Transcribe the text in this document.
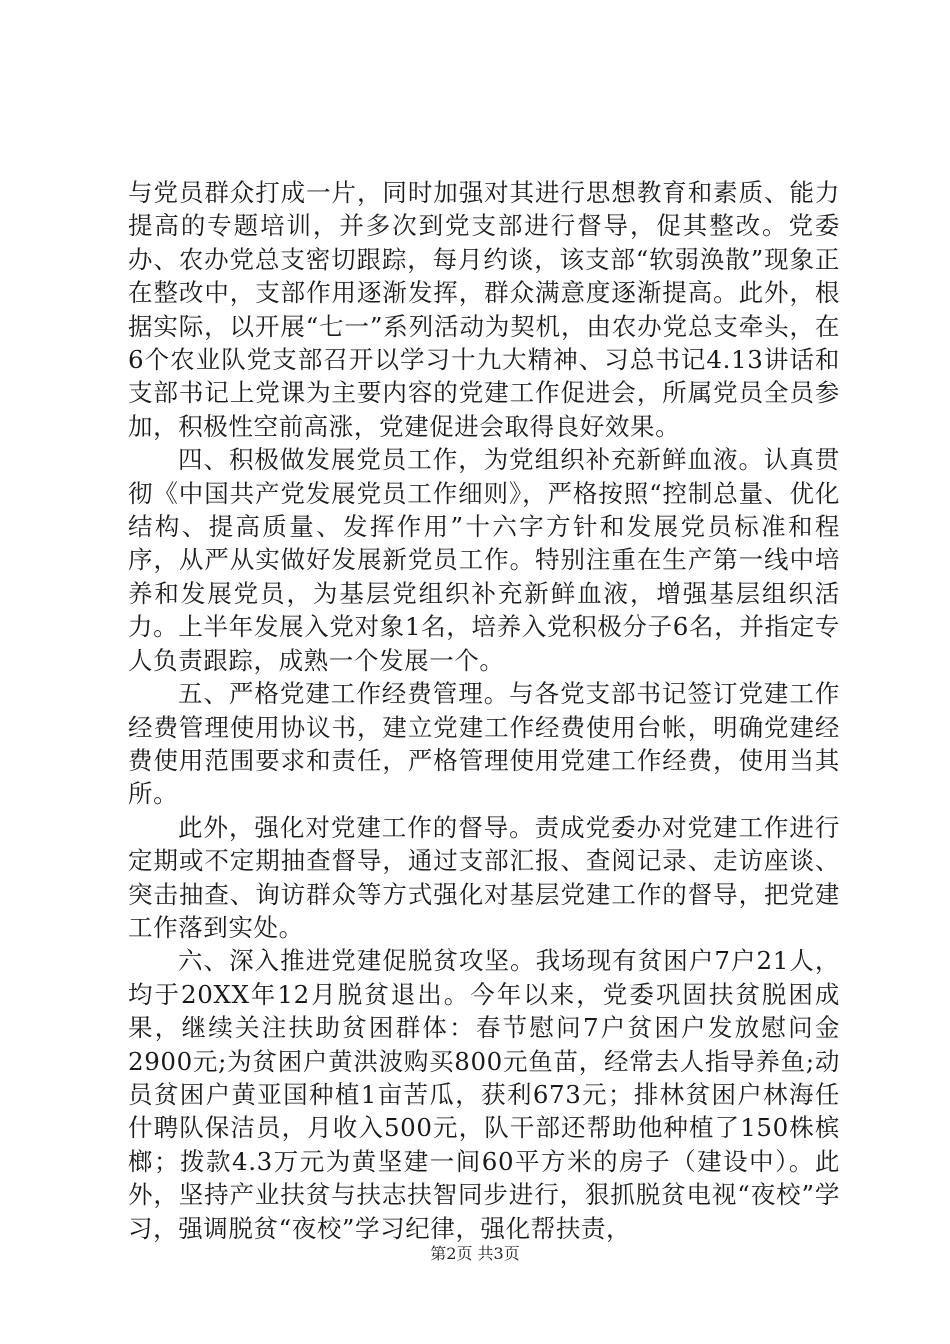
与党员群众打成一片，同时加强对其进行思想教育和素质、能力提高的专题培训，并多次到党支部进行督导，促其整改。党委办、农办党总支密切跟踪，每月约谈，该支部“软弱涣散”现象正在整改中，支部作用逐渐发挥，群众满意度逐渐提高。此外，根据实际，以开展“七一”系列活动为契机，由农办党总支牵头，在6个农业队党支部召开以学习十九大精神、习总书记4.13讲话和支部书记上党课为主要内容的党建工作促进会，所属党员全员参加，积极性空前高涨，党建促进会取得良好效果。

四、积极做发展党员工作，为党组织补充新鲜血液。认真贯彻《中国共产党发展党员工作细则》，严格按照“控制总量、优化结构、提高质量、发挥作用”十六字方针和发展党员标准和程序，从严从实做好发展新党员工作。特别注重在生产第一线中培养和发展党员，为基层党组织补充新鲜血液，增强基层组织活力。上半年发展入党对象1名，培养入党积极分子6名，并指定专人负责跟踪，成熟一个发展一个。

五、严格党建工作经费管理。与各党支部书记签订党建工作经费管理使用协议书，建立党建工作经费使用台帐，明确党建经费使用范围要求和责任，严格管理使用党建工作经费，使用当其所。

此外，强化对党建工作的督导。责成党委办对党建工作进行定期或不定期抽查督导，通过支部汇报、查阅记录、走访座谈、突击抽查、询访群众等方式强化对基层党建工作的督导，把党建工作落到实处。

六、深入推进党建促脱贫攻坚。我场现有贫困户7户21人，均于20XX年12月脱贫退出。今年以来，党委巩固扶贫脱困成果，继续关注扶助贫困群体：春节慰问7户贫困户发放慰问金2900元;为贫困户黄洪波购买800元鱼苗，经常去人指导养鱼;动员贫困户黄亚国种植1亩苦瓜，获利673元；排林贫困户林海任什聘队保洁员，月收入500元，队干部还帮助他种植了150株槟榔；拨款4.3万元为黄坚建一间60平方米的房子（建设中）。此外，坚持产业扶贫与扶志扶智同步进行，狠抓脱贫电视“夜校”学习，强调脱贫“夜校”学习纪律，强化帮扶责，

第2页 共3页
